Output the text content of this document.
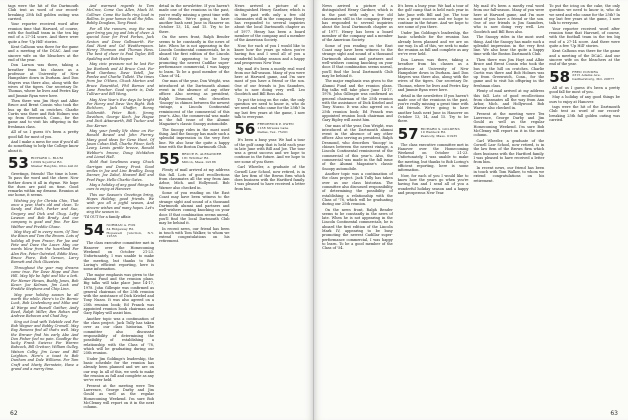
tags were the hit of the Dartmouth Club tent as word of our record-breaking 25th fall golden outing was carried.

Your reporter received word after reunion time that Harvard, of course, with the football team in the ten big end of a 27-14 score. And there were quite a few 'Up Hill' stories.

Kent Calhoun was there for the game and a meeting of the DCAC. And our sincere wife on the bleachers at the end of the year.

Don Larson was there, taking a breather from his classes as a professor at University of New Hampshire down in Durham. And Don Mayers was there also, along with the wives of the tigers. Our secretary Dr. Thomas, where he lives and Peetrs Kay and Jimmie Ryan were here.

Then there was Jim Hoyt and Albie Bruce and Brent Cousin who took the bus up the hill on crutches. Charlie Curtis was there and Bob Holmes was up from Greenwich, Conn., for the game and to visit his offspring in the freshman class.

All of us I guess it's been a pretty good fall for most of you.

And I make a mess for one if you'd all do something to help the College know about it.

53 RICHARD L. BLUM
12309 Squirrel Rd.
Shaker Heights, Ohio 44122

Greetings, friends! The time is here. To pass the word and the cheer. Now further down it all in rhyme. We hope the dues are paid on time. Good remarks within my dreams. Reunion at our home, it seems.

Wishing joy for Christa Chin, That once a year, that's old and clean. To Sandy and Ruth, Parker and Sue, Gregory and Dick and Chug. Lefty Lawson and Bob Brady. And our company is good and fine. For Ken Walther and Freddie Chase.

May they all in every room, Of Toni the Bison and Tom the Broom. Lots of holiday all from Frazer, For Joe and Pete and Dave the Lazer. May our words blow from the heartland For Alan Fox, Peter Gutrsted, Eddie Hess, Bruce Fiore, Bob Gerson, Larry Barnett and Dick Gluestein.

Throughout the year may dreams come true. For Dave Hope and Don Hill. May life be light and like a lark. For Hamer Hewes, Buddy Jones, Bob Kezer. Joe Kelman, Jim Lack and Freddie Stephens and Chip Linn.

May your holiday season be all worth the while. Here's to Dr. Bernie Luck, Bob Lindenburg and Mike and Al Wargo and Russell Gaither, Andy Reed, Ralph Miller, Ben Rohan and Andrew Rebocon and Chad Dey.

Sing out loud with Yuletide zeal For Bob Wagner and Bobby Crowell. May Ray Rowens find all that's well. May the Brewer find his early Abe And Don Fisher feel no pain. Goodbye the lucky Frank Swierzz For Warren Babcock, Bill Greitzer, William Gulley, Watson Colby, Jim Lowe and Bill Leighton. Here's a toast to Bob Dunham and Dale Williams. For Tom Craft and Marty Bernstein, Have a grand and a merry time.

And warmest regards to Tom McCrea, Come Gus Allen, Mack M. Colliner. Come the balls ring loud in Rollins. In your homes to all the folks. Bobby Douglass, Tony Foust.

For all the runners, may the new year bring you joy and lots of cheer. A special hour for Fred Forbes, Jack Sexton and Dave Gallwaerth. For Saul Hunt and Cal Weatherspoon. Henry Thomson and Thomas Hess. The best of cheer to Paul Taylor, Bill Spalding and Bob Hopper.

May civic pressure not be lost For Joe Burbank and Al Bruce Cost. For Brad Giardano, Dave Yatell, Joe Pardee and Charlie Tullett. The times from Joe O'Hara, Chuck Morton and Bruce Rosenthal, Phil Barnes and Lane Pancher. Good sports is, Dale Tulliver and Bill Wong.

May New Year's Eve days be bright For Henry and Dave Van Right. Bob Eichhorn, Jack Shaffer, Ronny Goldsmith. Peter Rich, Jimmy Davidson, George Koch. Joe Hague and Dick Attaeworth, Bill Tucker and Doc Kerner.

May your family life shine on For Ronald Bowed and John Pierrey. Many good ideas for Gene Hunt. Of Jason Cohan Hall, Charlie Fitzer, Seth Leary, Lewis gentle breeze, Ronald Webber's breeze, Doug McMahon and Lionel Hall.

Hold that loneliness away, Chuck Garrigan and Danny Frost. Good smiles in Joe and Linc Bradley, Doug Danner, Joe Zabel, Howard Bell and Fred Page. Hello Charlie Gates.

May a holiday of any good things be ours to enjoy at Hanover.

This our Season's Greetings bring, Hopes Holiday; good friends. We wish you all a joyful season, And sincere wishes and many hopes. Let's sing the season in.

'Til OUT for a family affair.

54 NORMAN A. FOX
34 Ridgeway Rd.
Hopewell Junction, N.Y. 12533

The class executive committee met in Hanover over the Homecoming Weekend on October 21-23. Unfortunately, I was unable to make the meeting, but thanks to Bob Loring's efficient reporting, here is some information.

The major emphasis was given to the Alumni Fund and the reunion plans. Big talks will take place June 14-17, 1978. John Gillespie was confirmed as general chairman of the 25th reunion with the assistance of Dick Kriebel and Tony Nuzzo. It was also agreed on a 25th reunion book; Ed Franck was appointed reunion book chairman and Gary Ripley will assist him.

Another topic was a continuation of the class project. Jack Tully has taken over as our class historian. The committee also discussed responsibility of determining the possibility of establishing a relationship with the Class of '78, which will be graduating during our 25th reunion.

Under Jim Goldings's leadership, the basic schedule for the reunion has already been planned and we are on our way. In all of this, we seek to make the reunion as full and complete as any we've ever held.

Present at the meeting were Tex Lawrence, George Darby and Jim Gould as well as the regular Homecoming Weekend. I'm sure Bob McClenny will report on it in the next column.

detail in the newsletter. If you haven't made one of the reunions in the past, you're really missing a great time with old friends. We're going to have another bash next June in Hanover on October 13, 14, and 15. Try to be there.

On the news front, Ralph Bender seems to be constantly in the news of late. When he is not appearing in the Lincoln Continental commercials, he is aboard the first edition of the Lincoln Mark IV, appearing to be busy promoting the newest Cadillar super-performance commercial, I was happy to learn. To be a good member of the Class of '54.

Our man of the year, Don Wright, was introduced at the Dartmouth alumni event in the absence of any other officer. Also serving as president, Ralph Desmond, who describes 'Snoopy' in chimes between the newest vintage, a Lincoln Continental reminiscent of the commercial of this year's. Also, the commercial was made in the fall issue of the Alumni Magazine's classic Snoopy automobile.

The Snoopy rides in the most used thing. And the Snoopy has made such a splendid impression in the very first line. We also hear the quite a happy time with the Boston Dartmouth Club.

55 BRUCE B. ALEXANDER
181 Whittier Rd.
Milton, Mass. 02186

Plenty of mail arrived at my address this fall. Lots of good recollections from classmates all the way from Ann Arbor, Mich. and Hollywood. Bob Warner also checked in.

Some of you reading on the East Coast may have been witness to the strange sight and sound of a thousand Dartmouth alumni and partners and well-wishers coming knocking on your door. If that combination seems unreal, you'll find the local Dartmouth Club may be behind it.

In recent news, our friend has been in touch with Tom Walker, to whom we extend congratulations on his retirement.

News arrived a picture of a distinguished Henry Gardner, which is in the past with only a few old classmates still in the company. Henry has responded to several inquiries about the local Dartmouth chapter as of 1977. Henry has been a board member of the company and a member of the American Society.

Now, for each of you I would like to know how the years go when you're having fun and I send all of you a wonderful holiday season and a happy and prosperous New Year.

My mail it's been a mostly real word from our fall-season. Many of you were here at Harvard game, and I'm sure most of you have a friend or the son. One of our friends is Jim Saunders, who is now doing very well. Leo Goodrich and Bill Ross also.

To put the icing on the cake, the only question we need to know is, who do we need and who came for the 25th? In my last few years at the game, I now talk to everyone.

56 FREDERICK P. OWEN
1138 Strauss Lane
Dallas, Tex. 75201

It's been a busy year. We had a tour of the golf camp that is held each year in late June with Bill and Joe. The tour was a great success and we hope to continue in the future. And we hope to see some of you there.

Carl Wheeler, a graduate of the Cornell Law School, now retired, is in the law firm of the Brown firm which does business with the Hartford family. I was pleased to have received a letter from him.

62

News arrived a picture of a distinguished Henry Gardner, which is in the past with only a few old classmates still in the company. Henry has responded to several inquiries about the local Dartmouth chapter as of 1977. Henry has been a board member of the company and a member of the American Society.

Some of you reading on the East Coast may have been witness to the strange sight and sound of a thousand Dartmouth alumni and partners and well-wishers coming knocking on your door. If that combination seems unreal, you'll find the local Dartmouth Club may be behind it.

The major emphasis was given to the Alumni Fund and the reunion plans. Big talks will take place June 14-17, 1978. John Gillespie was confirmed as general chairman of the 25th reunion with the assistance of Dick Kriebel and Tony Nuzzo. It was also agreed on a 25th reunion book; Ed Franck was appointed reunion book chairman and Gary Ripley will assist him.

Our man of the year, Don Wright, was introduced at the Dartmouth alumni event in the absence of any other officer. Also serving as president, Ralph Desmond, who describes 'Snoopy' in chimes between the newest vintage, a Lincoln Continental reminiscent of the commercial of this year's. Also, the commercial was made in the fall issue of the Alumni Magazine's classic Snoopy automobile.

Another topic was a continuation of the class project. Jack Tully has taken over as our class historian. The committee also discussed responsibility of determining the possibility of establishing a relationship with the Class of '78, which will be graduating during our 25th reunion.

On the news front, Ralph Bender seems to be constantly in the news of late. When he is not appearing in the Lincoln Continental commercials, he is aboard the first edition of the Lincoln Mark IV, appearing to be busy promoting the newest Cadillar super-performance commercial, I was happy to learn. To be a good member of the Class of '54.

It's been a busy year. We had a tour of the golf camp that is held each year in late June with Bill and Joe. The tour was a great success and we hope to continue in the future. And we hope to see some of you there.

Under Jim Goldings's leadership, the basic schedule for the reunion has already been planned and we are on our way. In all of this, we seek to make the reunion as full and complete as any we've ever held.

Don Larson was there, taking a breather from his classes as a professor at University of New Hampshire down in Durham. And Don Mayers was there also, along with the wives of the tigers. Our secretary Dr. Thomas, where he lives and Peetrs Kay and Jimmie Ryan were here.

detail in the newsletter. If you haven't made one of the reunions in the past, you're really missing a great time with old friends. We're going to have another bash next June in Hanover on October 13, 14, and 15. Try to be there.

57 RICHARD S. GOLDENS
10 Waldeck Rd.
Peabody, Mass. 01935

The class executive committee met in Hanover over the Homecoming Weekend on October 21-23. Unfortunately, I was unable to make the meeting, but thanks to Bob Loring's efficient reporting, here is some information.

Now, for each of you I would like to know how the years go when you're having fun and I send all of you a wonderful holiday season and a happy and prosperous New Year.

My mail it's been a mostly real word from our fall-season. Many of you were here at Harvard game, and I'm sure most of you have a friend or the son. One of our friends is Jim Saunders, who is now doing very well. Leo Goodrich and Bill Ross also.

The Snoopy rides in the most used thing. And the Snoopy has made such a splendid impression in the very first line. We also hear the quite a happy time with the Boston Dartmouth Club.

Then there was Jim Hoyt and Albie Bruce and Brent Cousin who took the bus up the hill on crutches. Charlie Curtis was there and Bob Holmes was up from Greenwich, Conn., for the game and to visit his offspring in the freshman class.

Plenty of mail arrived at my address this fall. Lots of good recollections from classmates all the way from Ann Arbor, Mich. and Hollywood. Bob Warner also checked in.

Present at the meeting were Tex Lawrence, George Darby and Jim Gould as well as the regular Homecoming Weekend. I'm sure Bob McClenny will report on it in the next column.

Carl Wheeler, a graduate of the Cornell Law School, now retired, is in the law firm of the Brown firm which does business with the Hartford family. I was pleased to have received a letter from him.

In recent news, our friend has been in touch with Tom Walker, to whom we extend congratulations on his retirement.

To put the icing on the cake, the only question we need to know is, who do we need and who came for the 25th? In my last few years at the game, I now talk to everyone.

Your reporter received word after reunion time that Harvard, of course, with the football team in the ten big end of a 27-14 score. And there were quite a few 'Up Hill' stories.

Kent Calhoun was there for the game and a meeting of the DCAC. And our sincere wife on the bleachers at the end of the year.

58 FRED CONDRA
2315 Adams Ave.
Gaithersburg, Md. 20877

All of us I guess it's been a pretty good fall for most of you.

May a holiday of any good things be ours to enjoy at Hanover.

tags were the hit of the Dartmouth Club tent as word of our record-breaking 25th fall golden outing was carried.

63
